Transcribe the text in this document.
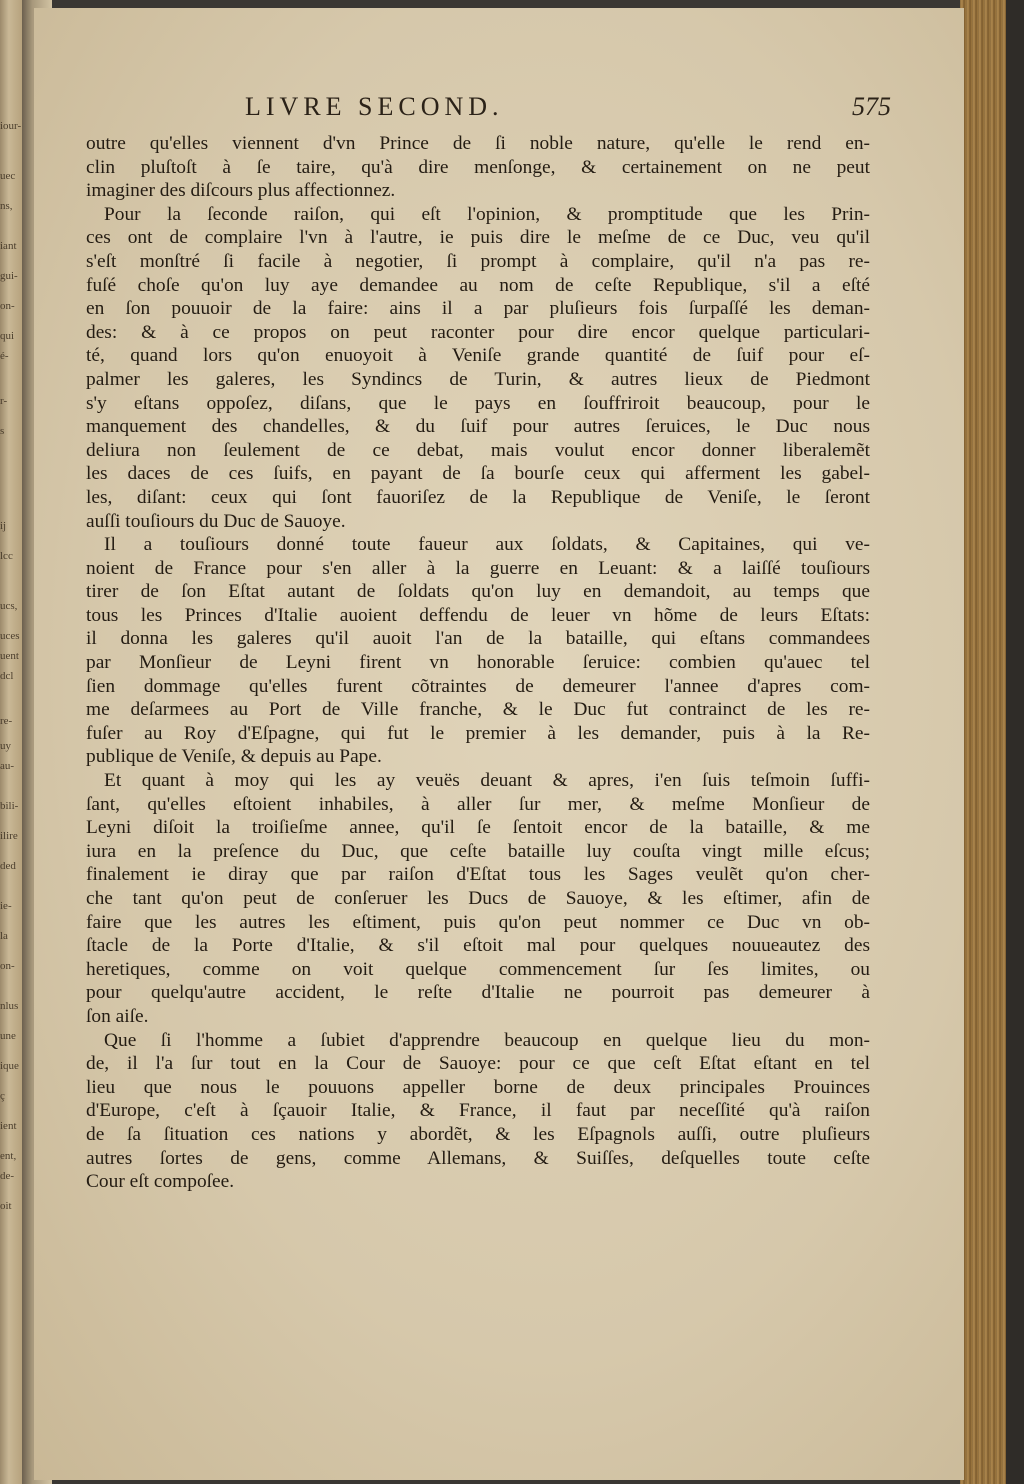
iour-
uec
ns,
iant
gui-
on-
qui
é-
r-
s
ij
lcc
ucs,
uces
uent
dcl
re-
uy
au-
bili-
ilire
ded
ie-
la
on-
nlus
une
ique
ç
ient
ent,
de-
oit
LIVRE SECOND.	575
outre qu'elles viennent d'vn Prince de ſi noble nature, qu'elle le rend en-
clin pluſtoſt à ſe taire, qu'à dire menſonge, & certainement on ne peut
imaginer des diſcours plus affectionnez.
Pour la ſeconde raiſon, qui eſt l'opinion, & promptitude que les Prin-
ces ont de complaire l'vn à l'autre, ie puis dire le meſme de ce Duc, veu qu'il
s'eſt monſtré ſi facile à negotier, ſi prompt à complaire, qu'il n'a pas re-
fuſé choſe qu'on luy aye demandee au nom de ceſte Republique, s'il a eſté
en ſon pouuoir de la faire: ains il a par pluſieurs fois ſurpaſſé les deman-
des: & à ce propos on peut raconter pour dire encor quelque particulari-
té, quand lors qu'on enuoyoit à Veniſe grande quantité de ſuif pour eſ-
palmer les galeres, les Syndincs de Turin, & autres lieux de Piedmont
s'y eſtans oppoſez, diſans, que le pays en ſouffriroit beaucoup, pour le
manquement des chandelles, & du ſuif pour autres ſeruices, le Duc nous
deliura non ſeulement de ce debat, mais voulut encor donner liberalemẽt
les daces de ces ſuifs, en payant de ſa bourſe ceux qui afferment les gabel-
les, diſant: ceux qui ſont fauoriſez de la Republique de Veniſe, le ſeront
auſſi touſiours du Duc de Sauoye.
Il a touſiours donné toute faueur aux ſoldats, & Capitaines, qui ve-
noient de France pour s'en aller à la guerre en Leuant: & a laiſſé touſiours
tirer de ſon Eſtat autant de ſoldats qu'on luy en demandoit, au temps que
tous les Princes d'Italie auoient deffendu de leuer vn hõme de leurs Eſtats:
il donna les galeres qu'il auoit l'an de la bataille, qui eſtans commandees
par Monſieur de Leyni firent vn honorable ſeruice: combien qu'auec tel
ſien dommage qu'elles furent cõtraintes de demeurer l'annee d'apres com-
me deſarmees au Port de Ville franche, & le Duc fut contrainct de les re-
fuſer au Roy d'Eſpagne, qui fut le premier à les demander, puis à la Re-
publique de Veniſe, & depuis au Pape.
Et quant à moy qui les ay veuës deuant & apres, i'en ſuis teſmoin ſuffi-
ſant, qu'elles eſtoient inhabiles, à aller ſur mer, & meſme Monſieur de
Leyni diſoit la troiſieſme annee, qu'il ſe ſentoit encor de la bataille, & me
iura en la preſence du Duc, que ceſte bataille luy couſta vingt mille eſcus;
finalement ie diray que par raiſon d'Eſtat tous les Sages veulẽt qu'on cher-
che tant qu'on peut de conſeruer les Ducs de Sauoye, & les eſtimer, afin de
faire que les autres les eſtiment, puis qu'on peut nommer ce Duc vn ob-
ſtacle de la Porte d'Italie, & s'il eſtoit mal pour quelques nouueautez des
heretiques, comme on voit quelque commencement ſur ſes limites, ou
pour quelqu'autre accident, le reſte d'Italie ne pourroit pas demeurer à
ſon aiſe.
Que ſi l'homme a ſubiet d'apprendre beaucoup en quelque lieu du mon-
de, il l'a ſur tout en la Cour de Sauoye: pour ce que ceſt Eſtat eſtant en tel
lieu que nous le pouuons appeller borne de deux principales Prouinces
d'Europe, c'eſt à ſçauoir Italie, & France, il faut par neceſſité qu'à raiſon
de ſa ſituation ces nations y abordẽt, & les Eſpagnols auſſi, outre pluſieurs
autres ſortes de gens, comme Allemans, & Suiſſes, deſquelles toute ceſte
Cour eſt compoſee.
